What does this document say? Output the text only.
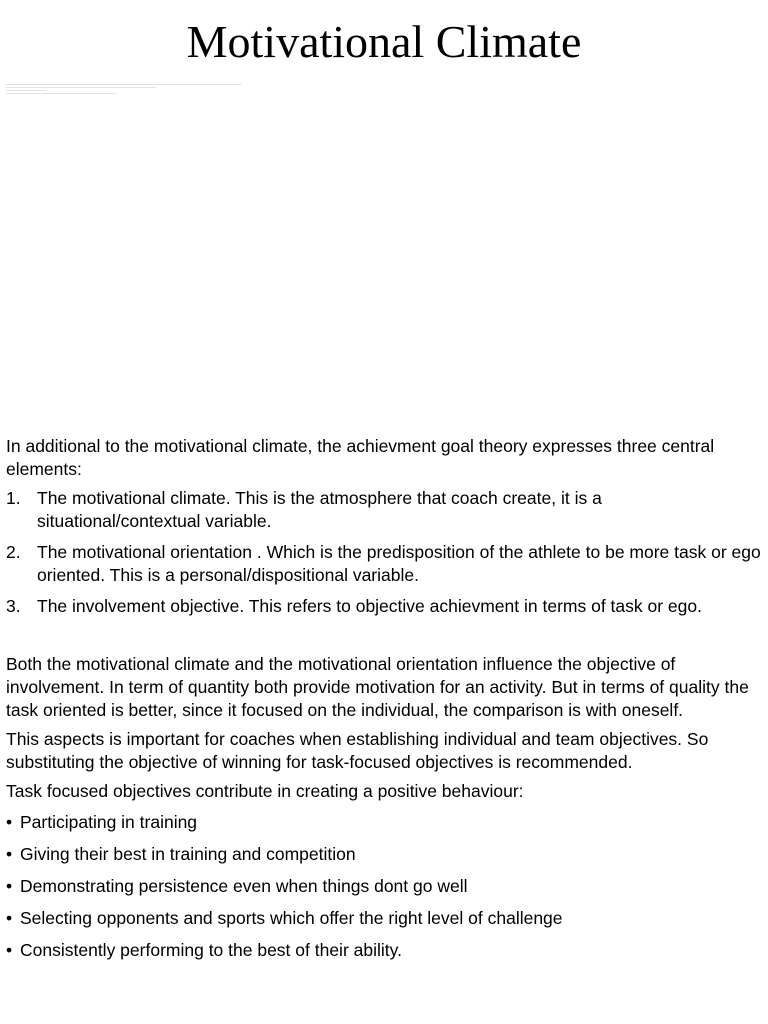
Motivational Climate

In additional to the motivational climate, the achievment goal theory expresses three central elements:

1. The motivational climate. This is the atmosphere that coach create, it is a situational/contextual variable.
2. The motivational orientation . Which is the predisposition of the athlete to be more task or ego oriented. This is a personal/dispositional variable.
3. The involvement objective. This refers to objective achievment in terms of task or ego.

Both the motivational climate and the motivational orientation influence the objective of involvement. In term of quantity both provide motivation for an activity. But in terms of quality the task oriented is better, since it focused on the individual, the comparison is with oneself.

This aspects is important for coaches when establishing individual and team objectives. So substituting the objective of winning for task-focused objectives is recommended.

Task focused objectives contribute in creating a positive behaviour:

• Participating in training
• Giving their best in training and competition
• Demonstrating persistence even when things dont go well
• Selecting opponents and sports which offer the right level of challenge
• Consistently performing to the best of their ability.
